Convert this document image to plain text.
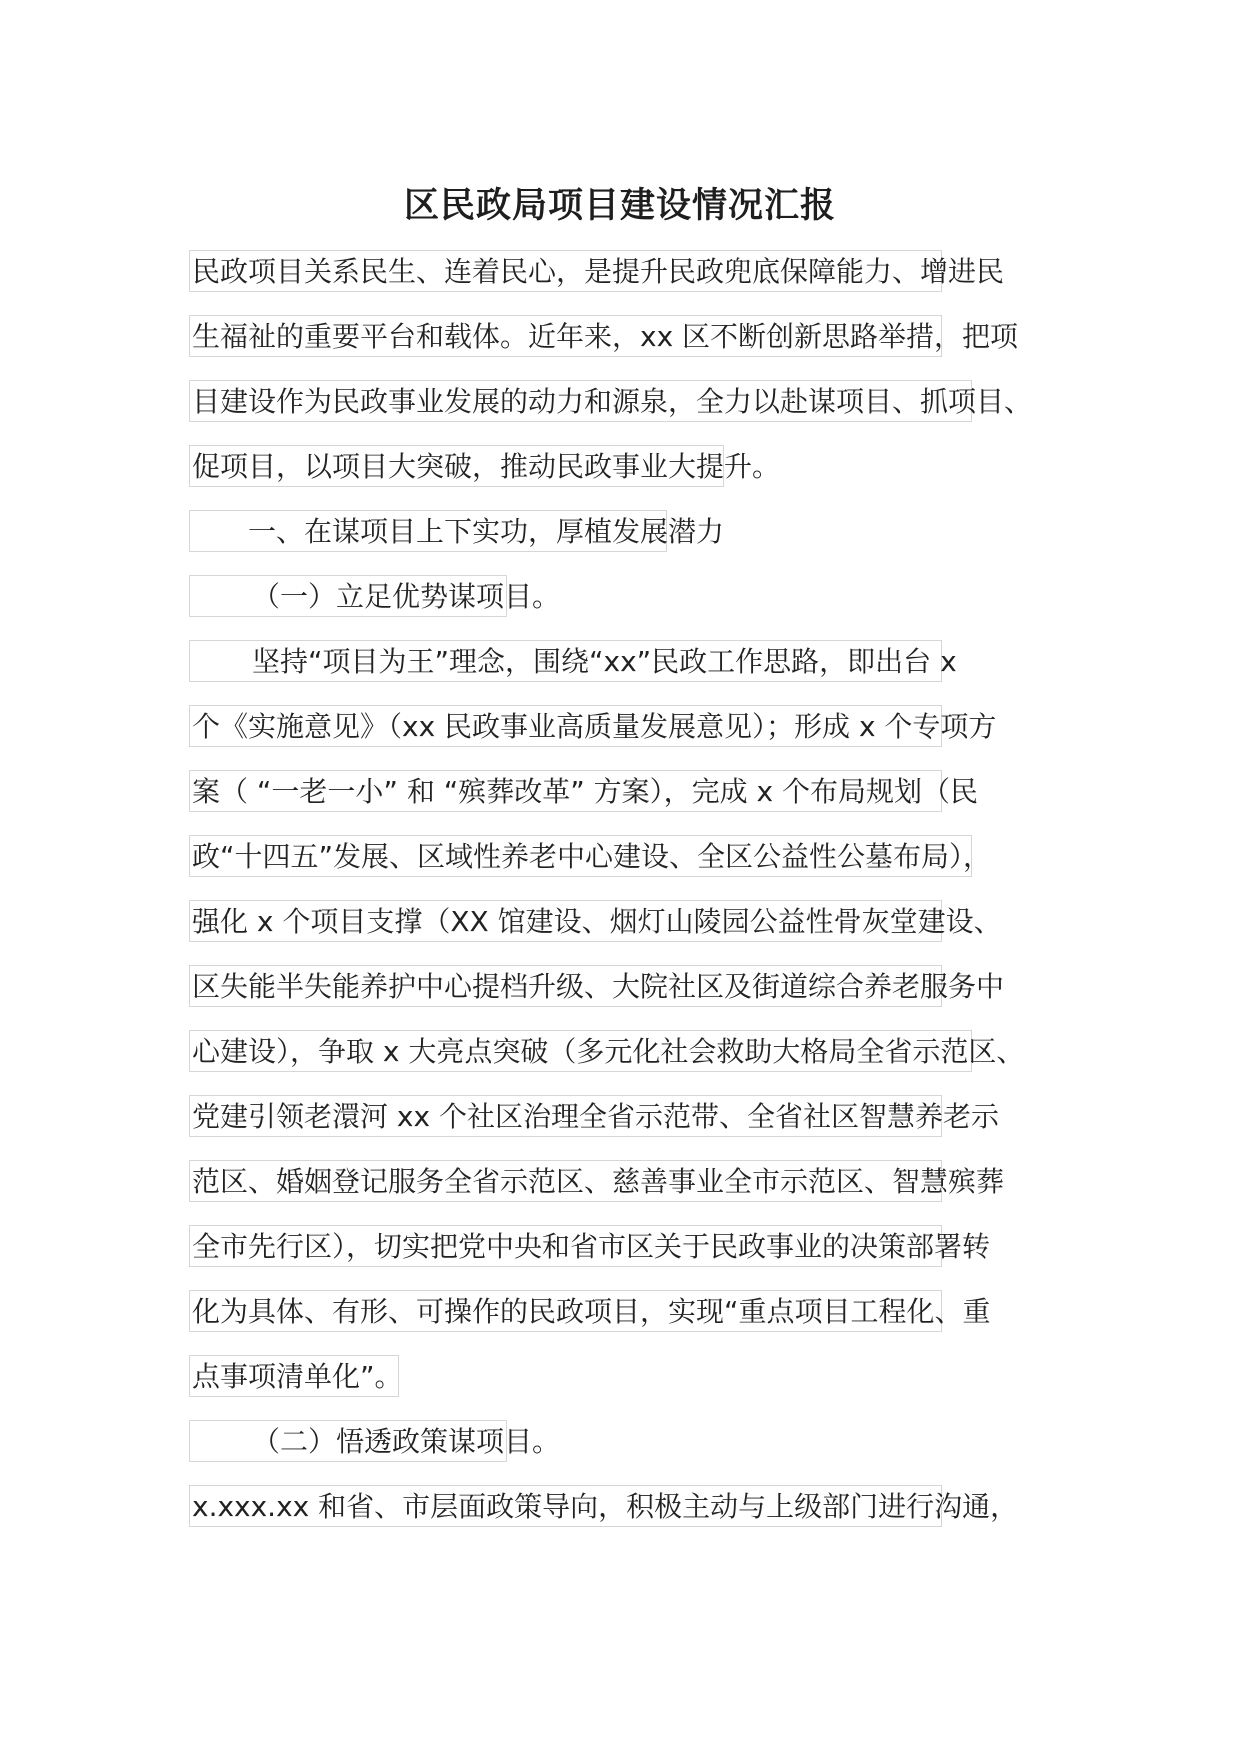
区民政局项目建设情况汇报
民政项目关系民生、连着民心，是提升民政兜底保障能力、增进民
生福祉的重要平台和载体。近年来，xx 区不断创新思路举措，把项
目建设作为民政事业发展的动力和源泉，全力以赴谋项目、抓项目、
促项目，以项目大突破，推动民政事业大提升。
一、在谋项目上下实功，厚植发展潜力
（一）立足优势谋项目。
坚持“项目为王”理念，围绕“xx”民政工作思路，即出台 x
个《实施意见》（xx 民政事业高质量发展意见）；形成 x 个专项方
案（ “一老一小” 和 “殡葬改革” 方案），完成 x 个布局规划（民
政“十四五”发展、区域性养老中心建设、全区公益性公墓布局），
强化 x 个项目支撑（XX 馆建设、烟灯山陵园公益性骨灰堂建设、
区失能半失能养护中心提档升级、大院社区及街道综合养老服务中
心建设），争取 x 大亮点突破（多元化社会救助大格局全省示范区、
党建引领老澴河 xx 个社区治理全省示范带、全省社区智慧养老示
范区、婚姻登记服务全省示范区、慈善事业全市示范区、智慧殡葬
全市先行区），切实把党中央和省市区关于民政事业的决策部署转
化为具体、有形、可操作的民政项目，实现“重点项目工程化、重
点事项清单化”。
（二）悟透政策谋项目。
x.xxx.xx 和省、市层面政策导向，积极主动与上级部门进行沟通，
